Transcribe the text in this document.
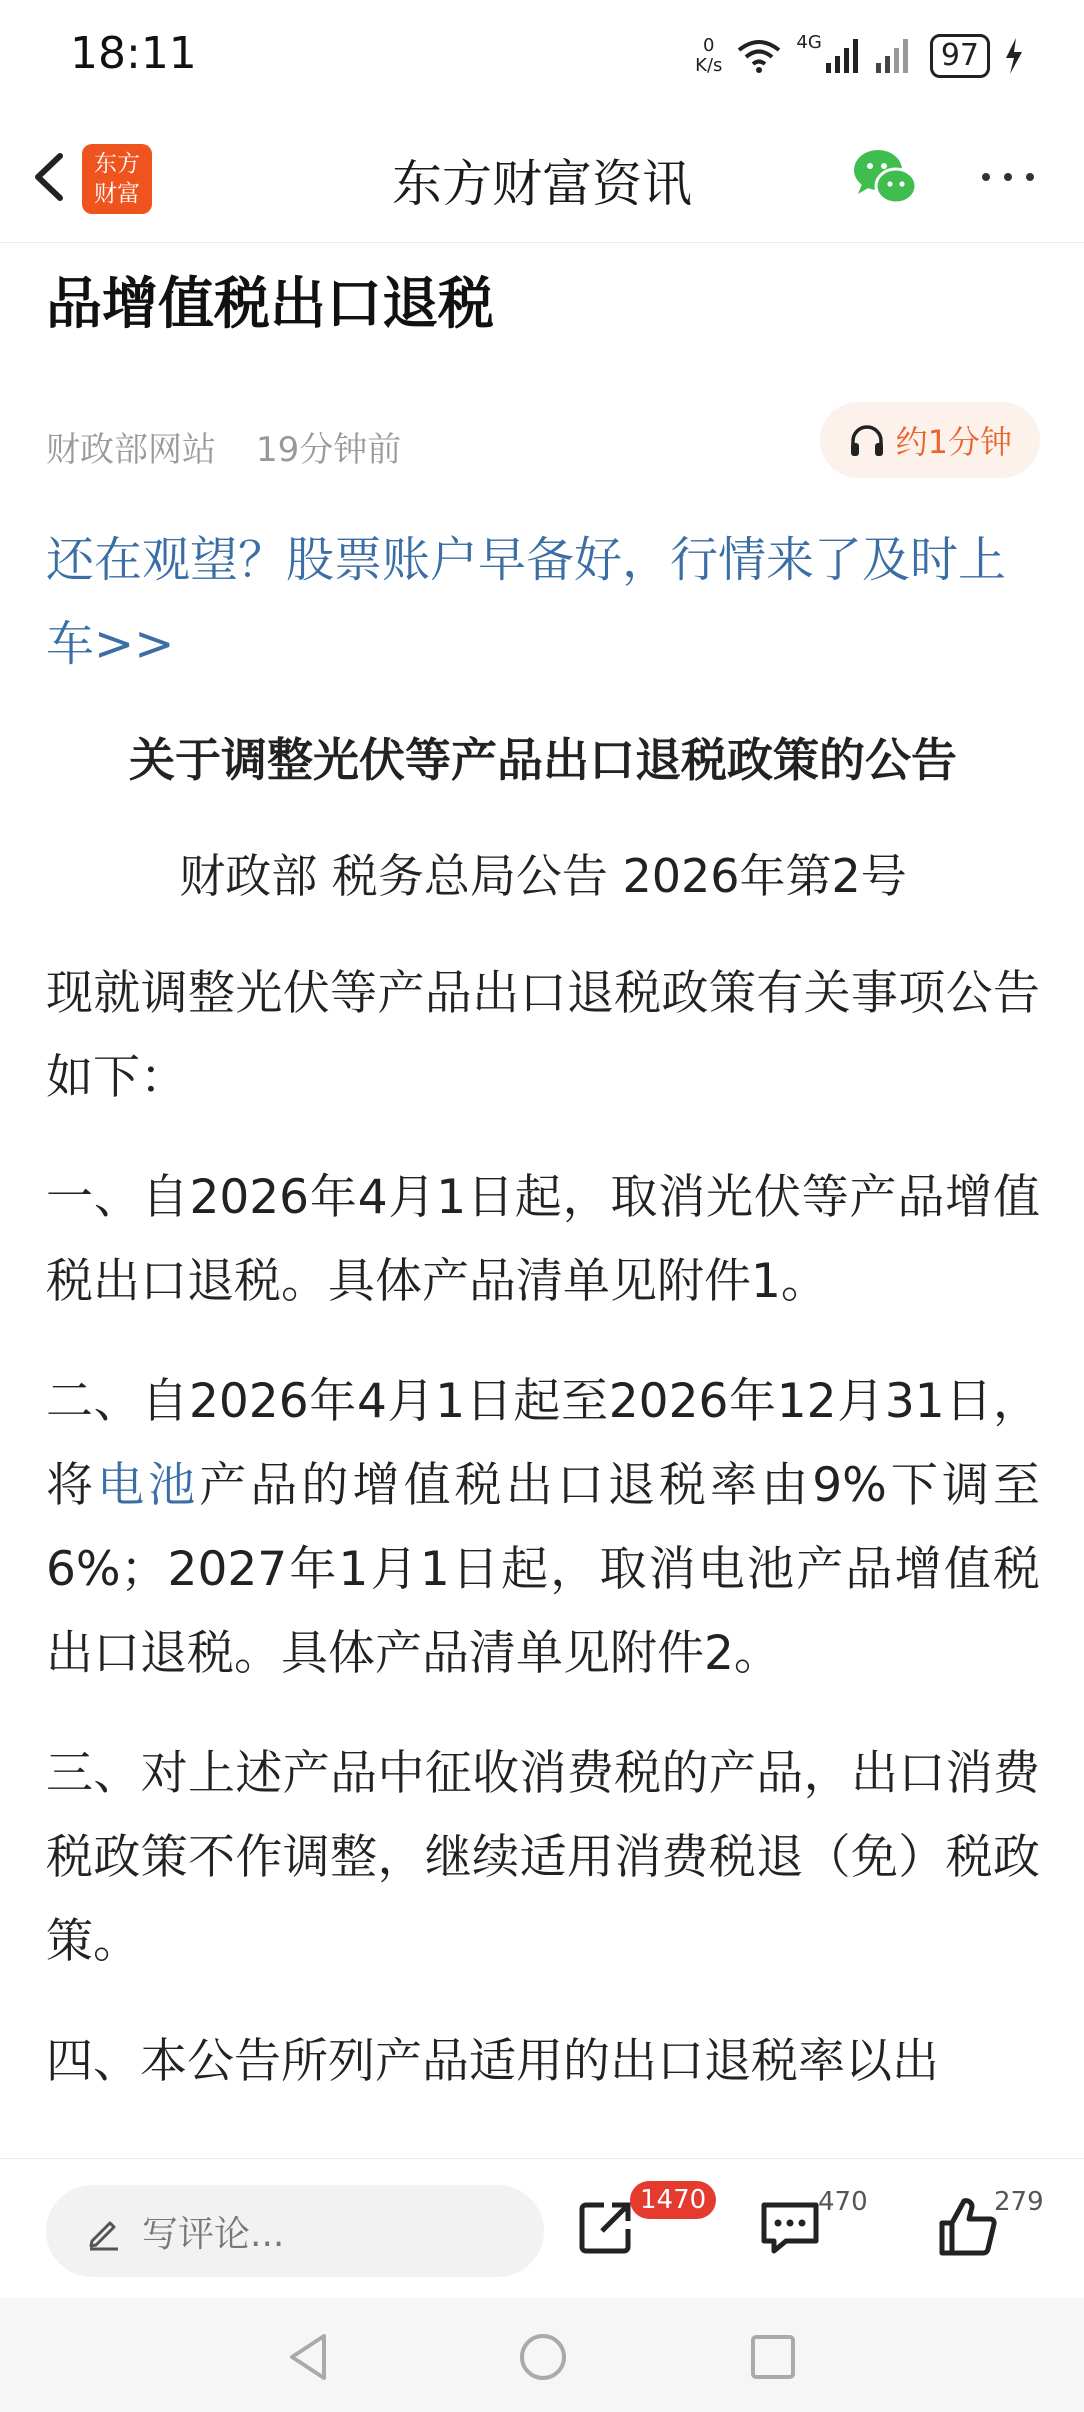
18:11	0
K/s
4G	97
东方
财富	东方财富资讯
品增值税出口退税
财政部网站 19分钟前	约1分钟
还在观望？股票账户早备好，行情来了及时上车>>
关于调整光伏等产品出口退税政策的公告
财政部 税务总局公告 2026年第2号
现就调整光伏等产品出口退税政策有关事项公告如下：
一、自2026年4月1日起，取消光伏等产品增值税出口退税。具体产品清单见附件1。
二、自2026年4月1日起至2026年12月31日，将电池产品的增值税出口退税率由9%下调至6%；2027年1月1日起，取消电池产品增值税出口退税。具体产品清单见附件2。
三、对上述产品中征收消费税的产品，出口消费税政策不作调整，继续适用消费税退（免）税政策。
四、本公告所列产品适用的出口退税率以出
写评论...
1470	470	279
